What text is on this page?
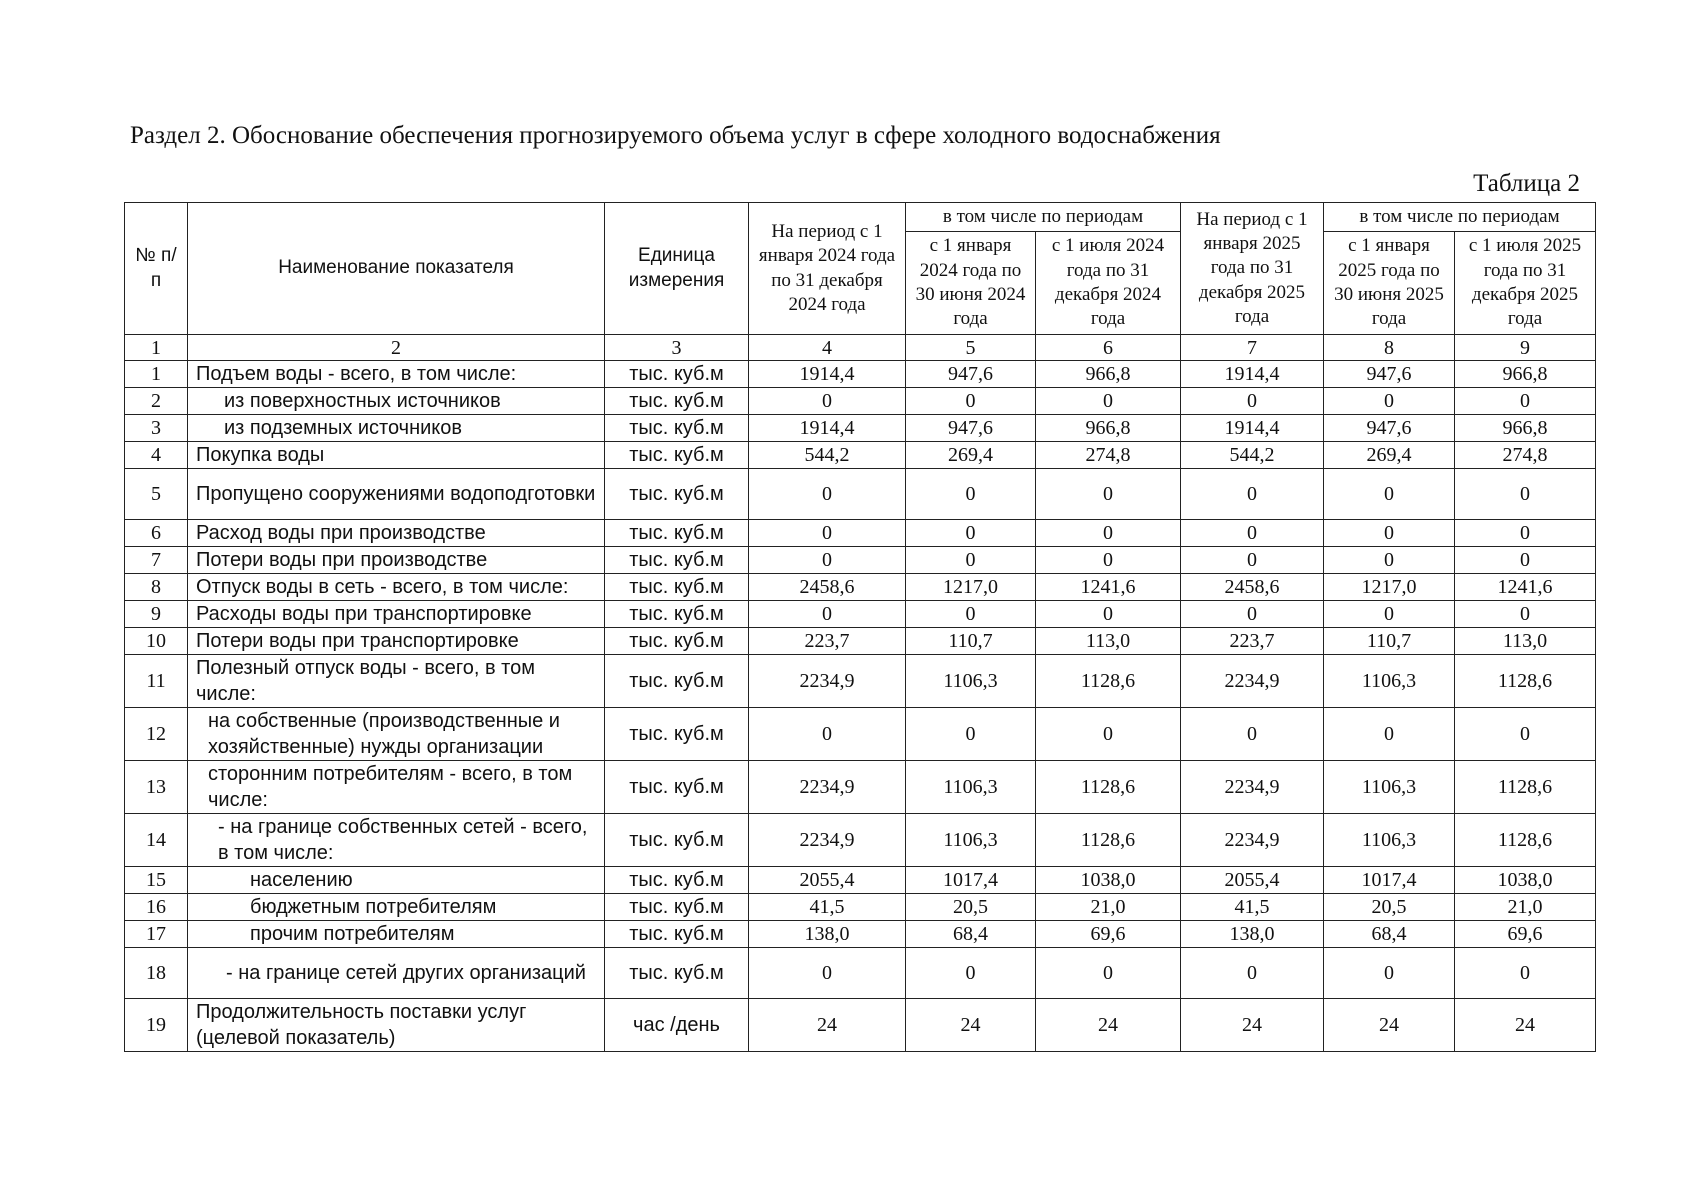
Раздел 2. Обоснование обеспечения прогнозируемого объема услуг в сфере холодного водоснабжения
Таблица 2
№ п/п	Наименование показателя	Единица измерения	На период с 1 января 2024 года по 31 декабря 2024 года	в том числе по периодам		На период с 1 января 2025 года по 31 декабря 2025 года	в том числе по периодам	
				с 1 января 2024 года по 30 июня 2024 года	с 1 июля 2024 года по 31 декабря 2024 года		с 1 января 2025 года по 30 июня 2025 года	с 1 июля 2025 года по 31 декабря 2025 года
1	2	3	4	5	6	7	8	9
1	Подъем воды - всего, в том числе:	тыс. куб.м	1914,4	947,6	966,8	1914,4	947,6	966,8
2	из поверхностных источников	тыс. куб.м	0	0	0	0	0	0
3	из подземных источников	тыс. куб.м	1914,4	947,6	966,8	1914,4	947,6	966,8
4	Покупка воды	тыс. куб.м	544,2	269,4	274,8	544,2	269,4	274,8
5	Пропущено сооружениями водоподготовки	тыс. куб.м	0	0	0	0	0	0
6	Расход воды при производстве	тыс. куб.м	0	0	0	0	0	0
7	Потери воды при производстве	тыс. куб.м	0	0	0	0	0	0
8	Отпуск воды в сеть - всего, в том числе:	тыс. куб.м	2458,6	1217,0	1241,6	2458,6	1217,0	1241,6
9	Расходы воды при транспортировке	тыс. куб.м	0	0	0	0	0	0
10	Потери воды при транспортировке	тыс. куб.м	223,7	110,7	113,0	223,7	110,7	113,0
11	Полезный отпуск воды - всего, в том числе:	тыс. куб.м	2234,9	1106,3	1128,6	2234,9	1106,3	1128,6
12	на собственные (производственные и хозяйственные) нужды организации	тыс. куб.м	0	0	0	0	0	0
13	сторонним потребителям - всего, в том числе:	тыс. куб.м	2234,9	1106,3	1128,6	2234,9	1106,3	1128,6
14	- на границе собственных сетей - всего, в том числе:	тыс. куб.м	2234,9	1106,3	1128,6	2234,9	1106,3	1128,6
15	населению	тыс. куб.м	2055,4	1017,4	1038,0	2055,4	1017,4	1038,0
16	бюджетным потребителям	тыс. куб.м	41,5	20,5	21,0	41,5	20,5	21,0
17	прочим потребителям	тыс. куб.м	138,0	68,4	69,6	138,0	68,4	69,6
18	- на границе сетей других организаций	тыс. куб.м	0	0	0	0	0	0
19	Продолжительность поставки услуг (целевой показатель)	час /день	24	24	24	24	24	24
